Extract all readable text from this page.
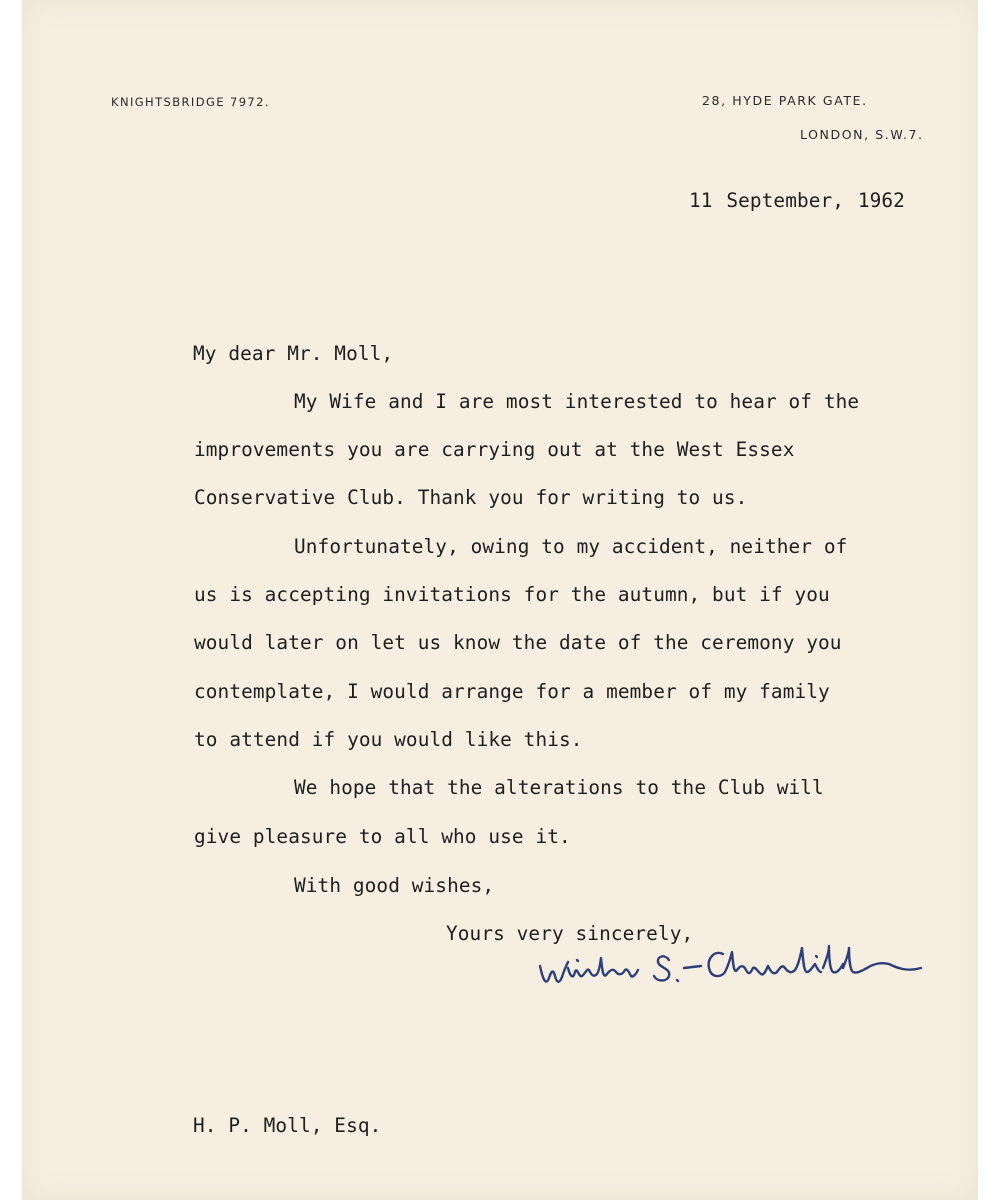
KNIGHTSBRIDGE 7972.	28, HYDE PARK GATE.
LONDON, S.W.7.
11 September, 1962
My dear Mr. Moll,
My Wife and I are most interested to hear of the
improvements you are carrying out at the West Essex
Conservative Club. Thank you for writing to us.
Unfortunately, owing to my accident, neither of
us is accepting invitations for the autumn, but if you
would later on let us know the date of the ceremony you
contemplate, I would arrange for a member of my family
to attend if you would like this.
We hope that the alterations to the Club will
give pleasure to all who use it.
With good wishes,
Yours very sincerely,
H. P. Moll, Esq.
